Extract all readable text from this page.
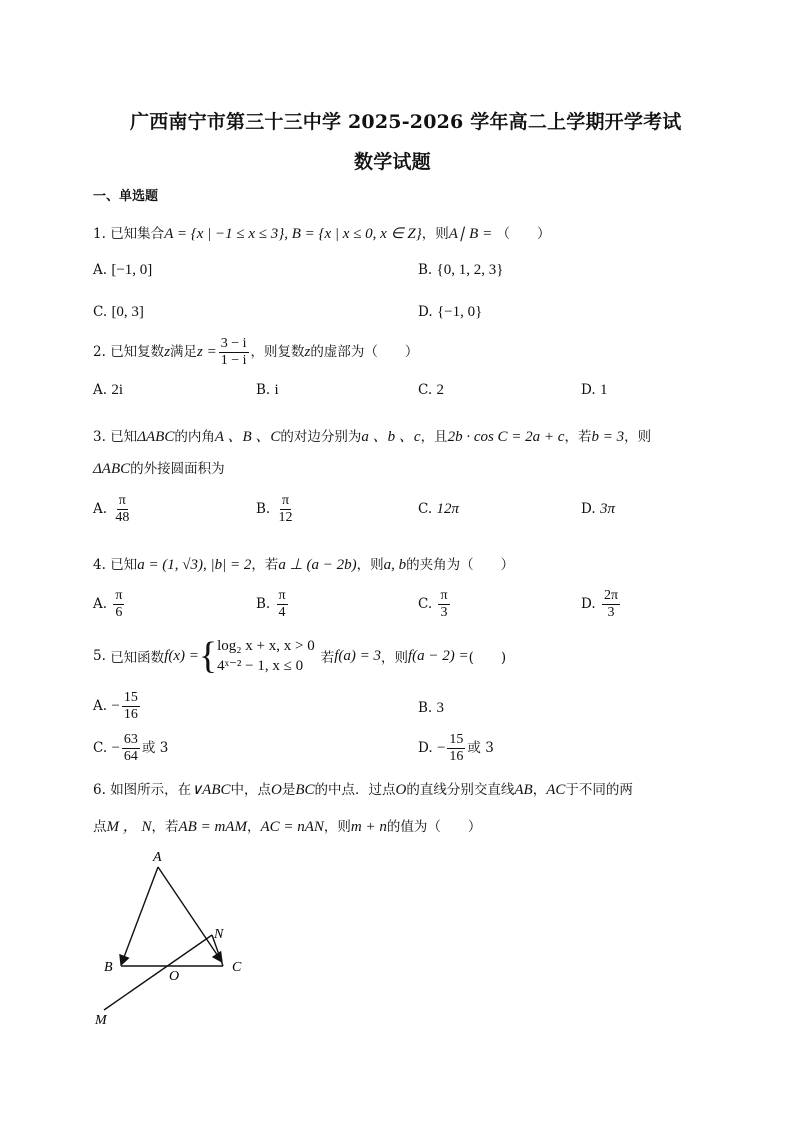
广西南宁市第三十三中学 2025-2026 学年高二上学期开学考试
数学试题
一、单选题
1. 已知集合A = {x | −1 ≤ x ≤ 3}, B = {x | x ≤ 0, x ∈ Z}，则A∣ B = （　　）
A. [−1, 0]	B. {0, 1, 2, 3}
C. [0, 3]	D. {−1, 0}
2. 已知复数z满足$z = \frac{3 - i}{1 - i}$ ，则复数z的虚部为（　　）
A. 2i	B. i	C. 2	D. 1
3. 已知ΔABC的内角A 、B 、C的对边分别为a 、b 、c，且2b · cos C = 2a + c，若b = 3，则
ΔABC的外接圆面积为
A. $\frac{\pi}{48}$	B. $\frac{\pi}{12}$	C. 12π	D. 3π
4. 已知a = (1, √3), |b| = 2，若a ⊥ (a − 2b)，则a, b的夹角为（　　）
A. $\frac{\pi}{6}$	B. $\frac{\pi}{4}$	C. $\frac{\pi}{3}$	D. $\frac{2\pi}{3}$
5.
已知函数 f(x) = { log₂ x + x, x > 0
4ˣ⁻² − 1, x ≤ 0	若 f(a) = 3 ，则 f(a − 2) = (　　)
A. − $\frac{15}{16}$	B. 3
C. − $\frac{63}{64}$ 或 3	D. − $\frac{15}{16}$ 或 3
6. 如图所示，在∨ABC中，点O是BC的中点．过点O的直线分别交直线AB，AC于不同的两
点M ， N，若AB = mAM，AC = nAN，则m + n的值为（　　）
A
N
B
O
C
M
